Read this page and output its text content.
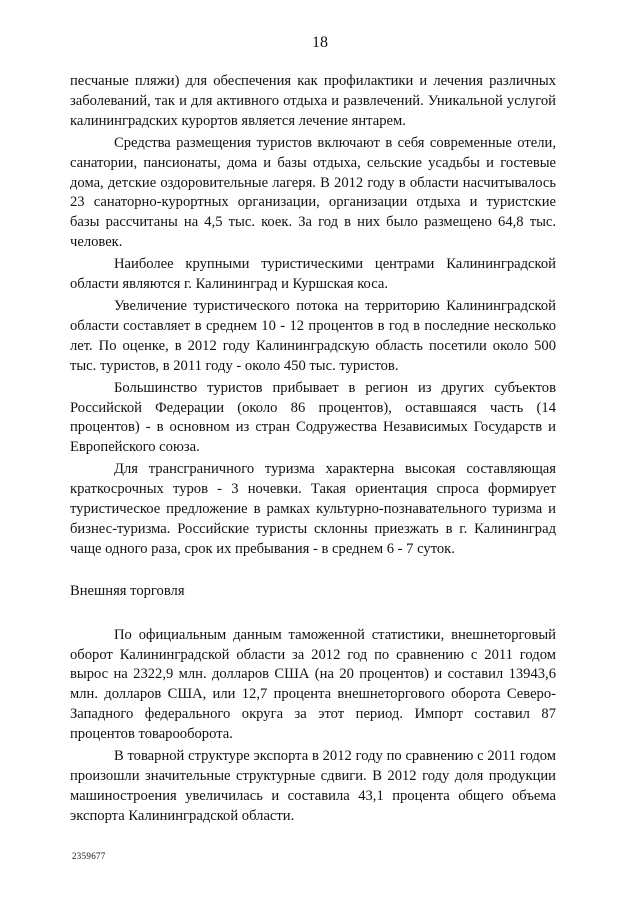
18

песчаные пляжи) для обеспечения как профилактики и лечения различных заболеваний, так и для активного отдыха и развлечений. Уникальной услугой калининградских курортов является лечение янтарем.

Средства размещения туристов включают в себя современные отели, санатории, пансионаты, дома и базы отдыха, сельские усадьбы и гостевые дома, детские оздоровительные лагеря. В 2012 году в области насчитывалось 23 санаторно-курортных организации, организации отдыха и туристские базы рассчитаны на 4,5 тыс. коек. За год в них было размещено 64,8 тыс. человек.

Наиболее крупными туристическими центрами Калининградской области являются г. Калининград и Куршская коса.

Увеличение туристического потока на территорию Калининградской области составляет в среднем 10 - 12 процентов в год в последние несколько лет. По оценке, в 2012 году Калининградскую область посетили около 500 тыс. туристов, в 2011 году - около 450 тыс. туристов.

Большинство туристов прибывает в регион из других субъектов Российской Федерации (около 86 процентов), оставшаяся часть (14 процентов) - в основном из стран Содружества Независимых Государств и Европейского союза.

Для трансграничного туризма характерна высокая составляющая краткосрочных туров - 3 ночевки. Такая ориентация спроса формирует туристическое предложение в рамках культурно-познавательного туризма и бизнес-туризма. Российские туристы склонны приезжать в г. Калининград чаще одного раза, срок их пребывания - в среднем 6 - 7 суток.

Внешняя торговля

По официальным данным таможенной статистики, внешнеторговый оборот Калининградской области за 2012 год по сравнению с 2011 годом вырос на 2322,9 млн. долларов США (на 20 процентов) и составил 13943,6 млн. долларов США, или 12,7 процента внешнеторгового оборота Северо-Западного федерального округа за этот период. Импорт составил 87 процентов товарооборота.

В товарной структуре экспорта в 2012 году по сравнению с 2011 годом произошли значительные структурные сдвиги. В 2012 году доля продукции машиностроения увеличилась и составила 43,1 процента общего объема экспорта Калининградской области.

2359677
